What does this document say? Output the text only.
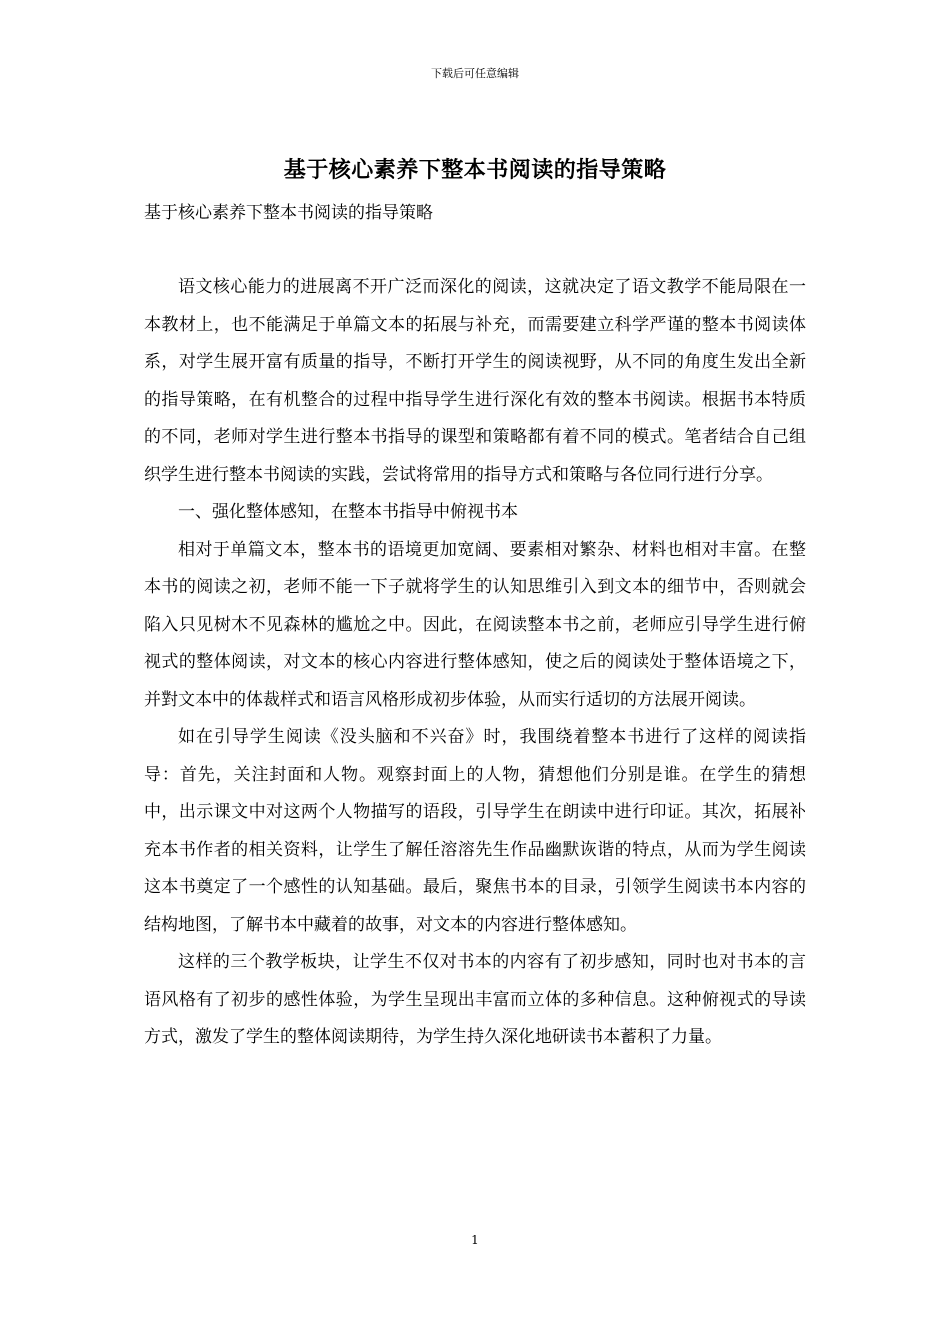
下载后可任意编辑
基于核心素养下整本书阅读的指导策略
基于核心素养下整本书阅读的指导策略

语文核心能力的进展离不开广泛而深化的阅读，这就决定了语文教学不能局限在一本教材上，也不能满足于单篇文本的拓展与补充，而需要建立科学严谨的整本书阅读体系，对学生展开富有质量的指导，不断打开学生的阅读视野，从不同的角度生发出全新的指导策略，在有机整合的过程中指导学生进行深化有效的整本书阅读。根据书本特质的不同，老师对学生进行整本书指导的课型和策略都有着不同的模式。笔者结合自己组织学生进行整本书阅读的实践，尝试将常用的指导方式和策略与各位同行进行分享。

一、强化整体感知，在整本书指导中俯视书本

相对于单篇文本，整本书的语境更加宽阔、要素相对繁杂、材料也相对丰富。在整本书的阅读之初，老师不能一下子就将学生的认知思维引入到文本的细节中，否则就会陷入只见树木不见森林的尴尬之中。因此，在阅读整本书之前，老师应引导学生进行俯视式的整体阅读，对文本的核心内容进行整体感知，使之后的阅读处于整体语境之下，并對文本中的体裁样式和语言风格形成初步体验，从而实行适切的方法展开阅读。

如在引导学生阅读《没头脑和不兴奋》时，我围绕着整本书进行了这样的阅读指导：首先，关注封面和人物。观察封面上的人物，猜想他们分别是谁。在学生的猜想中，出示课文中对这两个人物描写的语段，引导学生在朗读中进行印证。其次，拓展补充本书作者的相关资料，让学生了解任溶溶先生作品幽默诙谐的特点，从而为学生阅读这本书奠定了一个感性的认知基础。最后，聚焦书本的目录，引领学生阅读书本内容的结构地图，了解书本中藏着的故事，对文本的内容进行整体感知。

这样的三个教学板块，让学生不仅对书本的内容有了初步感知，同时也对书本的言语风格有了初步的感性体验，为学生呈现出丰富而立体的多种信息。这种俯视式的导读方式，激发了学生的整体阅读期待，为学生持久深化地研读书本蓄积了力量。

1
